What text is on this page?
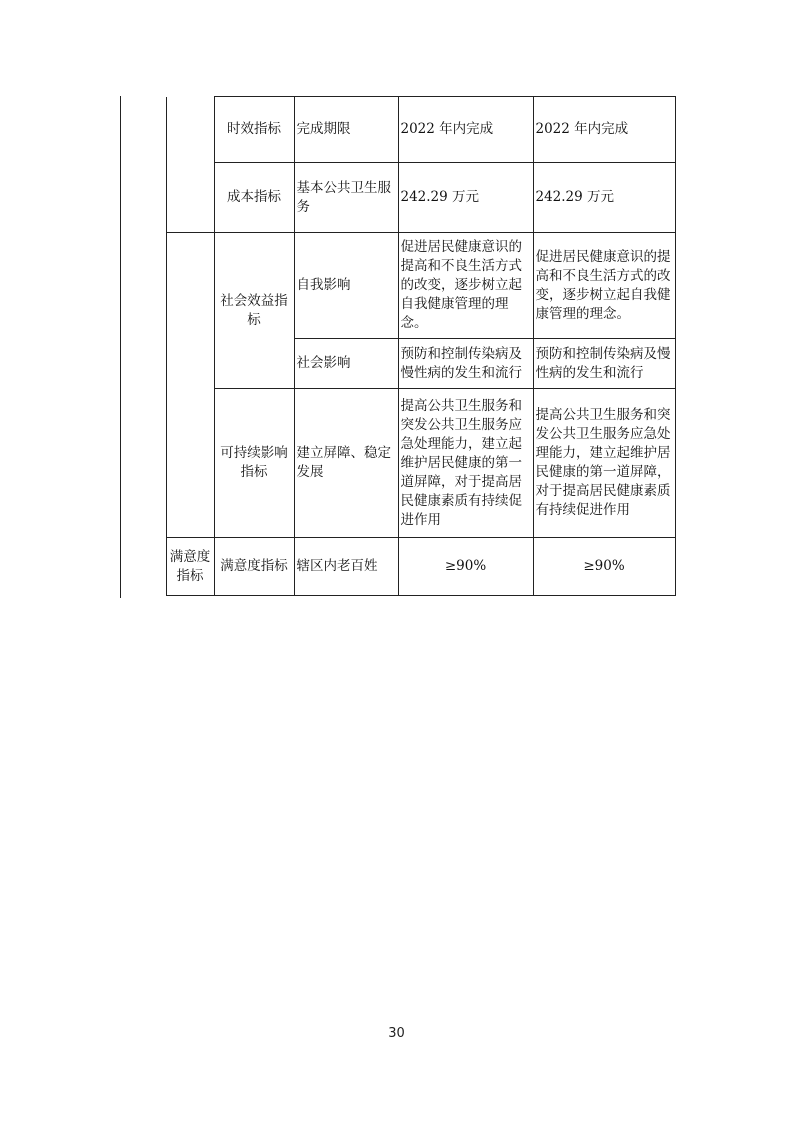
		时效指标	完成期限	2022 年内完成	2022 年内完成
		成本指标	基本公共卫生服务	242.29 万元	242.29 万元
		社会效益指标	自我影响	促进居民健康意识的提高和不良生活方式的改变，逐步树立起自我健康管理的理念。	促进居民健康意识的提高和不良生活方式的改变，逐步树立起自我健康管理的理念。
			社会影响	预防和控制传染病及慢性病的发生和流行	预防和控制传染病及慢性病的发生和流行
		可持续影响指标	建立屏障、稳定发展	提高公共卫生服务和突发公共卫生服务应急处理能力，建立起维护居民健康的第一道屏障，对于提高居民健康素质有持续促进作用	提高公共卫生服务和突发公共卫生服务应急处理能力，建立起维护居民健康的第一道屏障，对于提高居民健康素质有持续促进作用
	满意度指标	满意度指标	辖区内老百姓	≥90%	≥90%
30
